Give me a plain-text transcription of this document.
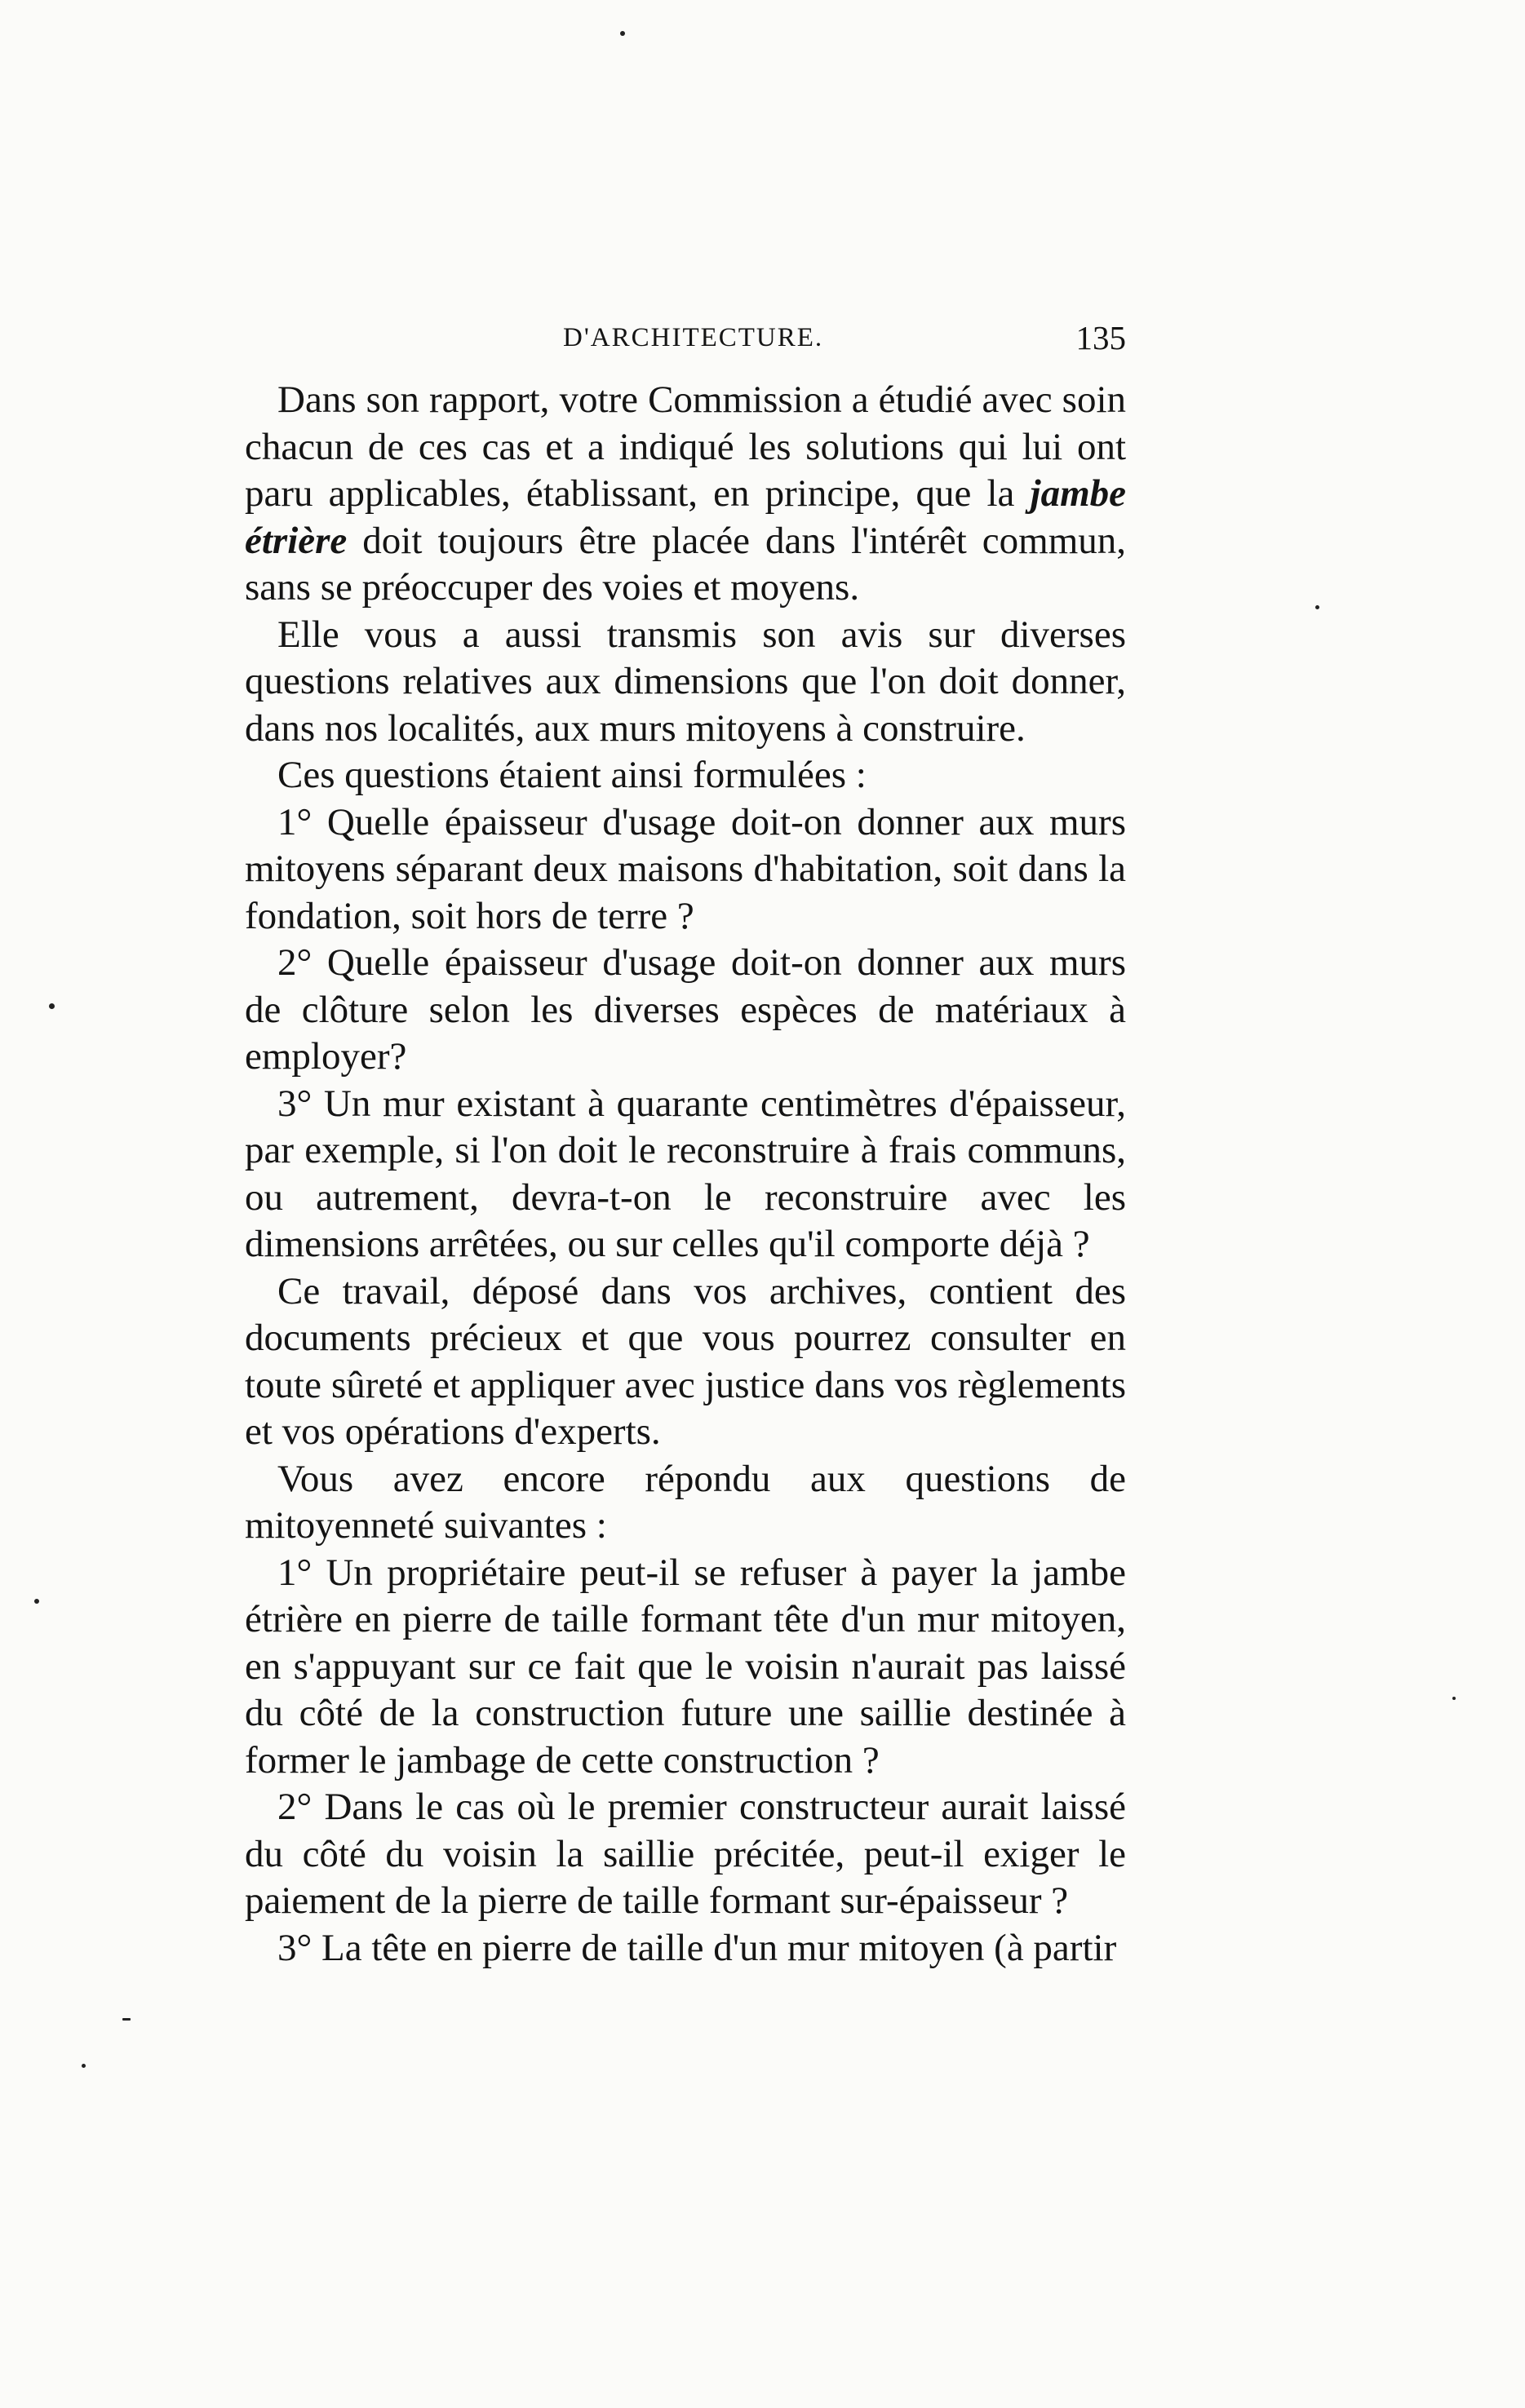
D'ARCHITECTURE.	135

Dans son rapport, votre Commission a étudié avec soin chacun de ces cas et a indiqué les solutions qui lui ont paru applicables, établissant, en principe, que la jambe étrière doit toujours être placée dans l'intérêt commun, sans se préoccuper des voies et moyens.

Elle vous a aussi transmis son avis sur diverses questions relatives aux dimensions que l'on doit donner, dans nos localités, aux murs mitoyens à construire.

Ces questions étaient ainsi formulées :

1° Quelle épaisseur d'usage doit-on donner aux murs mitoyens séparant deux maisons d'habitation, soit dans la fondation, soit hors de terre ?

2° Quelle épaisseur d'usage doit-on donner aux murs de clôture selon les diverses espèces de matériaux à employer?

3° Un mur existant à quarante centimètres d'épaisseur, par exemple, si l'on doit le reconstruire à frais communs, ou autrement, devra-t-on le reconstruire avec les dimensions arrêtées, ou sur celles qu'il comporte déjà ?

Ce travail, déposé dans vos archives, contient des documents précieux et que vous pourrez consulter en toute sûreté et appliquer avec justice dans vos règlements et vos opérations d'experts.

Vous avez encore répondu aux questions de mitoyenneté suivantes :

1° Un propriétaire peut-il se refuser à payer la jambe étrière en pierre de taille formant tête d'un mur mitoyen, en s'appuyant sur ce fait que le voisin n'aurait pas laissé du côté de la construction future une saillie destinée à former le jambage de cette construction ?

2° Dans le cas où le premier constructeur aurait laissé du côté du voisin la saillie précitée, peut-il exiger le paiement de la pierre de taille formant sur-épaisseur ?

3° La tête en pierre de taille d'un mur mitoyen (à partir
